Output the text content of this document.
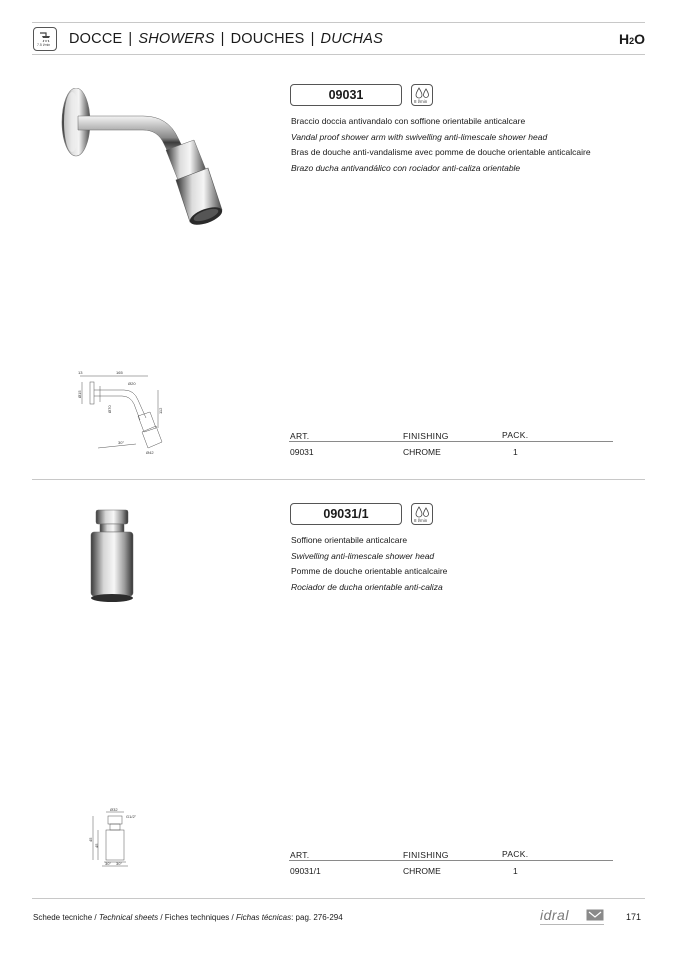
7.5 l/min DOCCE | SHOWERS | DOUCHES | DUCHAS	H2O
09031	8 l/min
Braccio doccia antivandalo con soffione orientabile anticalcare
Vandal proof shower arm with swivelling anti-limescale shower head
Bras de douche anti-vandalisme avec pomme de douche orientable anticalcaire
Brazo ducha antivandálico con rociador anti-caliza orientable
13	165
Ø20
Ø70
Ø15
112
30°
Ø42
ART.	FINISHING	PACK.
09031	CHROME	1
09031/1	8 l/min
Soffione orientabile anticalcare
Swivelling anti-limescale shower head
Pomme de douche orientable anticalcaire
Rociador de ducha orientable anti-caliza
Ø32
G1/2"
45
45
30° 30°
ART.	FINISHING	PACK.
09031/1	CHROME	1
Schede tecniche / Technical sheets / Fiches techniques / Fichas técnicas: pag. 276-294	idral	171
